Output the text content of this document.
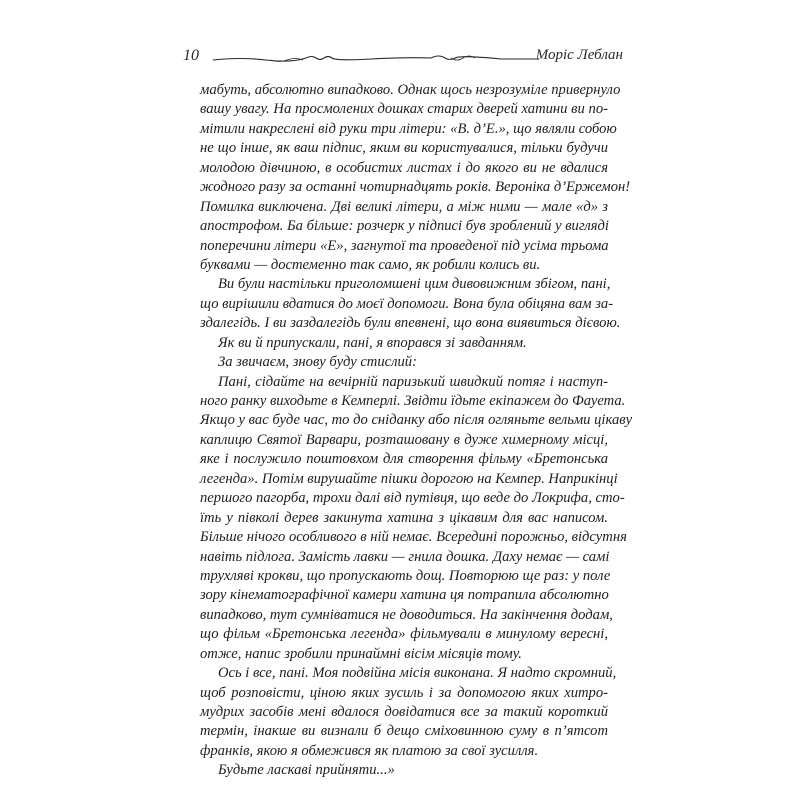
10	Моріс Леблан
мабуть, абсолютно випадково. Однак щось незрозуміле привернуло
вашу увагу. На просмолених дошках старих дверей хатини ви по-
мітили накреслені від руки три літери: «В. д’Е.», що являли собою
не що інше, як ваш підпис, яким ви користувалися, тільки будучи
молодою дівчиною, в особистих листах і до якого ви не вдалися
жодного разу за останні чотирнадцять років. Вероніка д’Ержемон!
Помилка виключена. Дві великі літери, а між ними — мале «д» з
апострофом. Ба більше: розчерк у підписі був зроблений у вигляді
поперечини літери «Е», загнутої та проведеної під усіма трьома
буквами — достеменно так само, як робили колись ви.
Ви були настільки приголомшені цим дивовижним збігом, пані,
що вирішили вдатися до моєї допомоги. Вона була обіцяна вам за-
здалегідь. І ви заздалегідь були впевнені, що вона виявиться дієвою.
Як ви й припускали, пані, я впорався зі завданням.
За звичаєм, знову буду стислий:
Пані, сідайте на вечірній паризький швидкий потяг і наступ-
ного ранку виходьте в Кемперлі. Звідти їдьте екіпажем до Фауета.
Якщо у вас буде час, то до сніданку або після огляньте вельми цікаву
каплицю Святої Варвари, розташовану в дуже химерному місці,
яке і послужило поштовхом для створення фільму «Бретонська
легенда». Потім вирушайте пішки дорогою на Кемпер. Наприкінці
першого пагорба, трохи далі від путівця, що веде до Локрифа, сто-
їть у півколі дерев закинута хатина з цікавим для вас написом.
Більше нічого особливого в ній немає. Всередині порожньо, відсутня
навіть підлога. Замість лавки — гнила дошка. Даху немає — самі
трухляві крокви, що пропускають дощ. Повторюю ще раз: у поле
зору кінематографічної камери хатина ця потрапила абсолютно
випадково, тут сумніватися не доводиться. На закінчення додам,
що фільм «Бретонська легенда» фільмували в минулому вересні,
отже, напис зробили принаймні вісім місяців тому.
Ось і все, пані. Моя подвійна місія виконана. Я надто скромний,
щоб розповісти, ціною яких зусиль і за допомогою яких хитро-
мудрих засобів мені вдалося довідатися все за такий короткий
термін, інакше ви визнали б дещо сміховинною суму в п’ятсот
франків, якою я обмежився як платою за свої зусилля.
Будьте ласкаві прийняти...»
